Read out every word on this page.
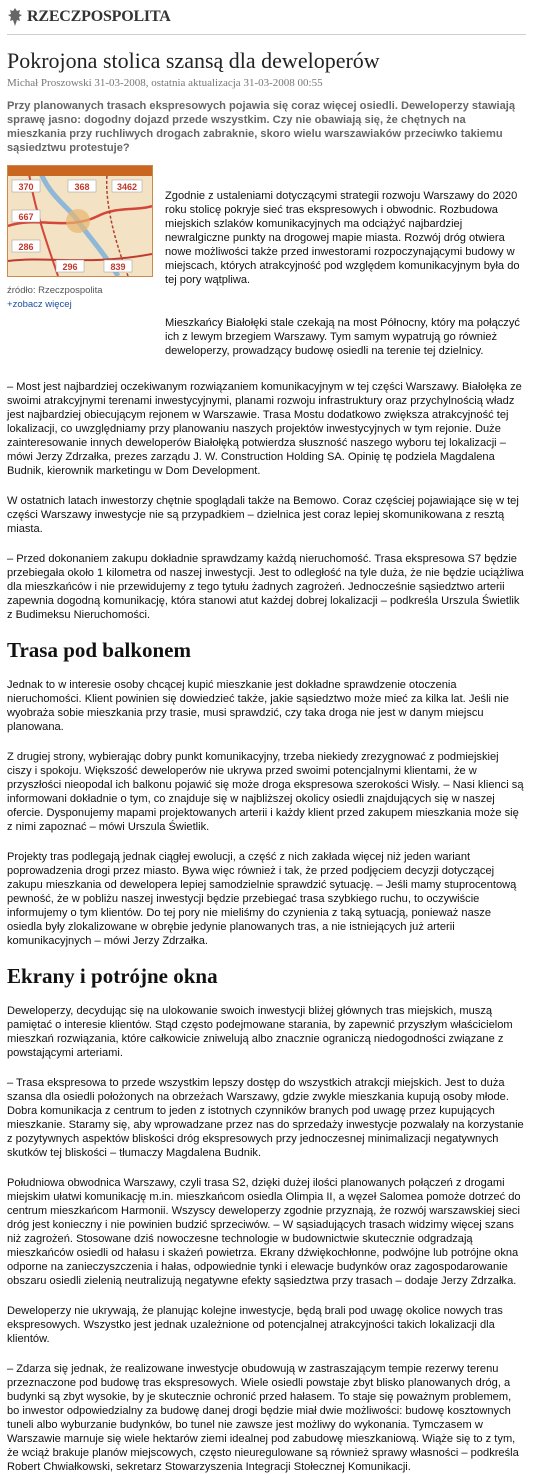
RZECZPOSPOLITA
Pokrojona stolica szansą dla deweloperów
Michał Proszowski 31-03-2008, ostatnia aktualizacja 31-03-2008 00:55
Przy planowanych trasach ekspresowych pojawia się coraz więcej osiedli. Deweloperzy stawiają sprawę jasno: dogodny dojazd przede wszystkim. Czy nie obawiają się, że chętnych na mieszkania przy ruchliwych drogach zabraknie, skoro wielu warszawiaków przeciwko takiemu sąsiedztwu protestuje?
370	368	3462
667
286
296	839
źródło: Rzeczpospolita
+ zobacz więcej
Zgodnie z ustaleniami dotyczącymi strategii rozwoju Warszawy do 2020 roku stolicę pokryje sieć tras ekspresowych i obwodnic. Rozbudowa miejskich szlaków komunikacyjnych ma odciążyć najbardziej newralgiczne punkty na drogowej mapie miasta. Rozwój dróg otwiera nowe możliwości także przed inwestorami rozpoczynającymi budowy w miejscach, których atrakcyjność pod względem komunikacyjnym była do tej pory wątpliwa.

Mieszkańcy Białołęki stale czekają na most Północny, który ma połączyć ich z lewym brzegiem Warszawy. Tym samym wypatrują go również deweloperzy, prowadzący budowę osiedli na terenie tej dzielnicy.

– Most jest najbardziej oczekiwanym rozwiązaniem komunikacyjnym w tej części Warszawy. Białołęka ze swoimi atrakcyjnymi terenami inwestycyjnymi, planami rozwoju infrastruktury oraz przychylnością władz jest najbardziej obiecującym rejonem w Warszawie. Trasa Mostu dodatkowo zwiększa atrakcyjność tej lokalizacji, co uwzględniamy przy planowaniu naszych projektów inwestycyjnych w tym rejonie. Duże zainteresowanie innych deweloperów Białołęką potwierdza słuszność naszego wyboru tej lokalizacji – mówi Jerzy Zdrzałka, prezes zarządu J. W. Construction Holding SA. Opinię tę podziela Magdalena Budnik, kierownik marketingu w Dom Development.

W ostatnich latach inwestorzy chętnie spoglądali także na Bemowo. Coraz częściej pojawiające się w tej części Warszawy inwestycje nie są przypadkiem – dzielnica jest coraz lepiej skomunikowana z resztą miasta.

– Przed dokonaniem zakupu dokładnie sprawdzamy każdą nieruchomość. Trasa ekspresowa S7 będzie przebiegała około 1 kilometra od naszej inwestycji. Jest to odległość na tyle duża, że nie będzie uciążliwa dla mieszkańców i nie przewidujemy z tego tytułu żadnych zagrożeń. Jednocześnie sąsiedztwo arterii zapewnia dogodną komunikację, która stanowi atut każdej dobrej lokalizacji – podkreśla Urszula Świetlik z Budimeksu Nieruchomości.

Trasa pod balkonem

Jednak to w interesie osoby chcącej kupić mieszkanie jest dokładne sprawdzenie otoczenia nieruchomości. Klient powinien się dowiedzieć także, jakie sąsiedztwo może mieć za kilka lat. Jeśli nie wyobraża sobie mieszkania przy trasie, musi sprawdzić, czy taka droga nie jest w danym miejscu planowana.

Z drugiej strony, wybierając dobry punkt komunikacyjny, trzeba niekiedy zrezygnować z podmiejskiej ciszy i spokoju. Większość deweloperów nie ukrywa przed swoimi potencjalnymi klientami, że w przyszłości nieopodal ich balkonu pojawić się może droga ekspresowa szerokości Wisły. – Nasi klienci są informowani dokładnie o tym, co znajduje się w najbliższej okolicy osiedli znajdujących się w naszej ofercie. Dysponujemy mapami projektowanych arterii i każdy klient przed zakupem mieszkania może się z nimi zapoznać – mówi Urszula Świetlik.

Projekty tras podlegają jednak ciągłej ewolucji, a część z nich zakłada więcej niż jeden wariant poprowadzenia drogi przez miasto. Bywa więc również i tak, że przed podjęciem decyzji dotyczącej zakupu mieszkania od dewelopera lepiej samodzielnie sprawdzić sytuację. – Jeśli mamy stuprocentową pewność, że w pobliżu naszej inwestycji będzie przebiegać trasa szybkiego ruchu, to oczywiście informujemy o tym klientów. Do tej pory nie mieliśmy do czynienia z taką sytuacją, ponieważ nasze osiedla były zlokalizowane w obrębie jedynie planowanych tras, a nie istniejących już arterii komunikacyjnych – mówi Jerzy Zdrzałka.

Ekrany i potrójne okna

Deweloperzy, decydując się na ulokowanie swoich inwestycji bliżej głównych tras miejskich, muszą pamiętać o interesie klientów. Stąd często podejmowane starania, by zapewnić przyszłym właścicielom mieszkań rozwiązania, które całkowicie zniwelują albo znacznie ograniczą niedogodności związane z powstającymi arteriami.

– Trasa ekspresowa to przede wszystkim lepszy dostęp do wszystkich atrakcji miejskich. Jest to duża szansa dla osiedli położonych na obrzeżach Warszawy, gdzie zwykle mieszkania kupują osoby młode. Dobra komunikacja z centrum to jeden z istotnych czynników branych pod uwagę przez kupujących mieszkanie. Staramy się, aby wprowadzane przez nas do sprzedaży inwestycje pozwalały na korzystanie z pozytywnych aspektów bliskości dróg ekspresowych przy jednoczesnej minimalizacji negatywnych skutków tej bliskości – tłumaczy Magdalena Budnik.

Południowa obwodnica Warszawy, czyli trasa S2, dzięki dużej ilości planowanych połączeń z drogami miejskim ułatwi komunikację m.in. mieszkańcom osiedla Olimpia II, a węzeł Salomea pomoże dotrzeć do centrum mieszkańcom Harmonii. Wszyscy deweloperzy zgodnie przyznają, że rozwój warszawskiej sieci dróg jest konieczny i nie powinien budzić sprzeciwów. – W sąsiadujących trasach widzimy więcej szans niż zagrożeń. Stosowane dziś nowoczesne technologie w budownictwie skutecznie odgradzają mieszkańców osiedli od hałasu i skażeń powietrza. Ekrany dźwiękochłonne, podwójne lub potrójne okna odporne na zanieczyszczenia i hałas, odpowiednie tynki i elewacje budynków oraz zagospodarowanie obszaru osiedli zielenią neutralizują negatywne efekty sąsiedztwa przy trasach – dodaje Jerzy Zdrzałka.

Deweloperzy nie ukrywają, że planując kolejne inwestycje, będą brali pod uwagę okolice nowych tras ekspresowych. Wszystko jest jednak uzależnione od potencjalnej atrakcyjności takich lokalizacji dla klientów.

– Zdarza się jednak, że realizowane inwestycje obudowują w zastraszającym tempie rezerwy terenu przeznaczone pod budowę tras ekspresowych. Wiele osiedli powstaje zbyt blisko planowanych dróg, a budynki są zbyt wysokie, by je skutecznie ochronić przed hałasem. To staje się poważnym problemem, bo inwestor odpowiedzialny za budowę danej drogi będzie miał dwie możliwości: budowę kosztownych tuneli albo wyburzanie budynków, bo tunel nie zawsze jest możliwy do wykonania. Tymczasem w Warszawie marnuje się wiele hektarów ziemi idealnej pod zabudowę mieszkaniową. Wiąże się to z tym, że wciąż brakuje planów miejscowych, często nieuregulowane są również sprawy własności – podkreśla Robert Chwiałkowski, sekretarz Stowarzyszenia Integracji Stołecznej Komunikacji.
